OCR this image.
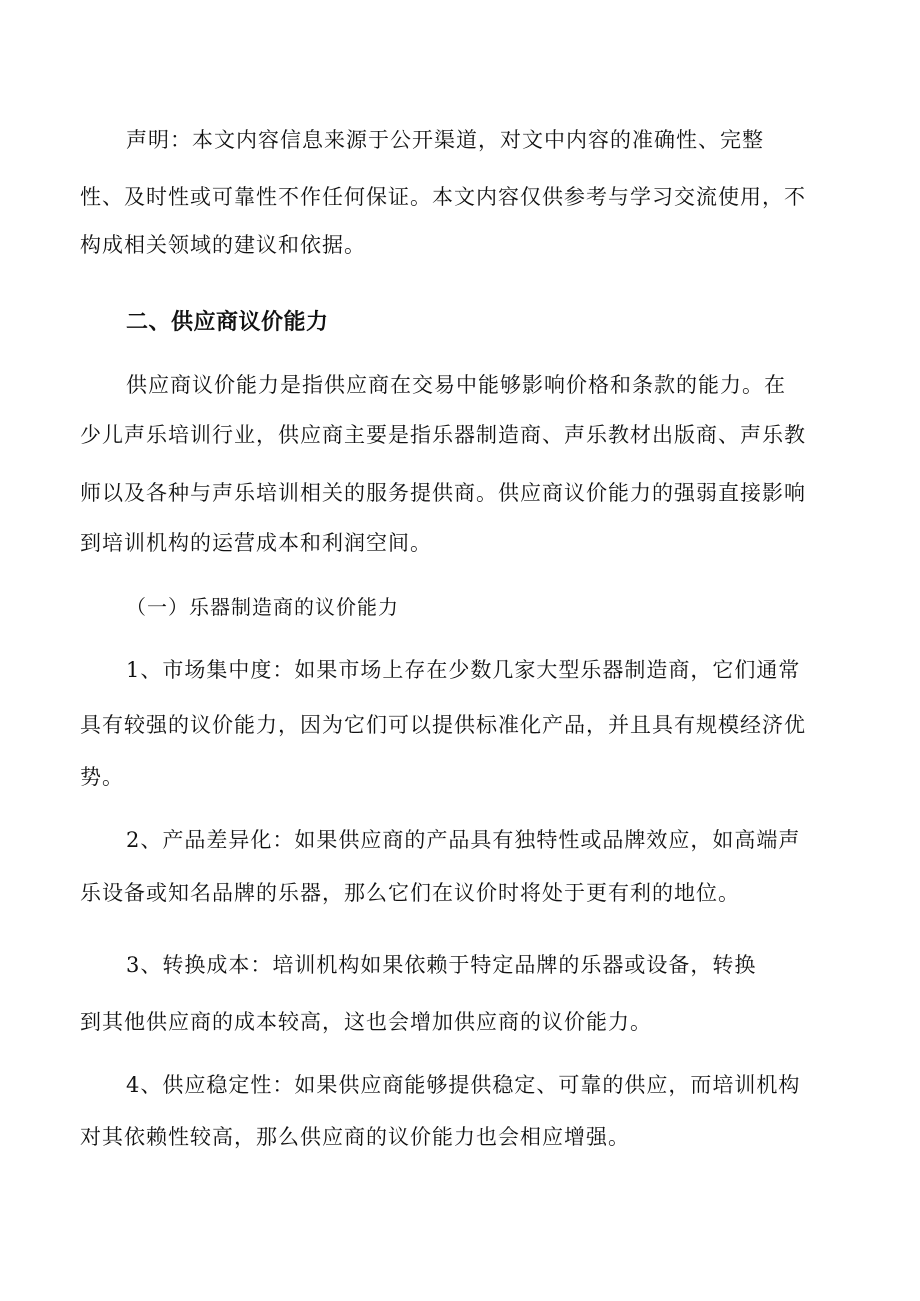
声明：本文内容信息来源于公开渠道，对文中内容的准确性、完整
性、及时性或可靠性不作任何保证。本文内容仅供参考与学习交流使用，不
构成相关领域的建议和依据。
二、供应商议价能力
供应商议价能力是指供应商在交易中能够影响价格和条款的能力。在
少儿声乐培训行业，供应商主要是指乐器制造商、声乐教材出版商、声乐教
师以及各种与声乐培训相关的服务提供商。供应商议价能力的强弱直接影响
到培训机构的运营成本和利润空间。
（一）乐器制造商的议价能力
1、市场集中度：如果市场上存在少数几家大型乐器制造商，它们通常
具有较强的议价能力，因为它们可以提供标准化产品，并且具有规模经济优
势。
2、产品差异化：如果供应商的产品具有独特性或品牌效应，如高端声
乐设备或知名品牌的乐器，那么它们在议价时将处于更有利的地位。
3、转换成本：培训机构如果依赖于特定品牌的乐器或设备，转换
到其他供应商的成本较高，这也会增加供应商的议价能力。
4、供应稳定性：如果供应商能够提供稳定、可靠的供应，而培训机构
对其依赖性较高，那么供应商的议价能力也会相应增强。
